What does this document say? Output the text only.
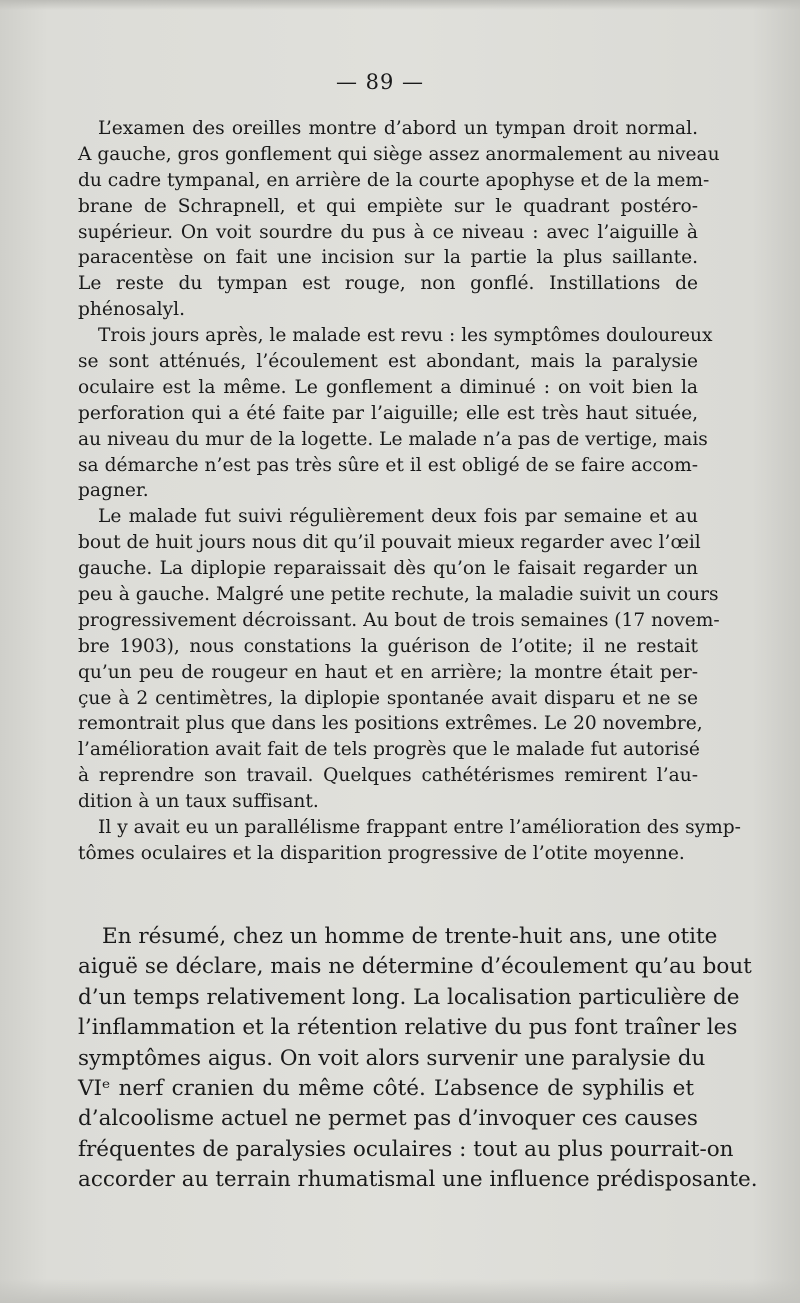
— 89 —
L’examen des oreilles montre d’abord un tympan droit normal.
A gauche, gros gonflement qui siège assez anormalement au niveau
du cadre tympanal, en arrière de la courte apophyse et de la mem-
brane de Schrapnell, et qui empiète sur le quadrant postéro-
supérieur. On voit sourdre du pus à ce niveau : avec l’aiguille à
paracentèse on fait une incision sur la partie la plus saillante.
Le reste du tympan est rouge, non gonflé. Instillations de
phénosalyl.
Trois jours après, le malade est revu : les symptômes douloureux
se sont atténués, l’écoulement est abondant, mais la paralysie
oculaire est la même. Le gonflement a diminué : on voit bien la
perforation qui a été faite par l’aiguille; elle est très haut située,
au niveau du mur de la logette. Le malade n’a pas de vertige, mais
sa démarche n’est pas très sûre et il est obligé de se faire accom-
pagner.
Le malade fut suivi régulièrement deux fois par semaine et au
bout de huit jours nous dit qu’il pouvait mieux regarder avec l’œil
gauche. La diplopie reparaissait dès qu’on le faisait regarder un
peu à gauche. Malgré une petite rechute, la maladie suivit un cours
progressivement décroissant. Au bout de trois semaines (17 novem-
bre 1903), nous constations la guérison de l’otite; il ne restait
qu’un peu de rougeur en haut et en arrière; la montre était per-
çue à 2 centimètres, la diplopie spontanée avait disparu et ne se
remontrait plus que dans les positions extrêmes. Le 20 novembre,
l’amélioration avait fait de tels progrès que le malade fut autorisé
à reprendre son travail. Quelques cathétérismes remirent l’au-
dition à un taux suffisant.
Il y avait eu un parallélisme frappant entre l’amélioration des symp-
tômes oculaires et la disparition progressive de l’otite moyenne.
En résumé, chez un homme de trente-huit ans, une otite
aiguë se déclare, mais ne détermine d’écoulement qu’au bout
d’un temps relativement long. La localisation particulière de
l’inflammation et la rétention relative du pus font traîner les
symptômes aigus. On voit alors survenir une paralysie du
VIᵉ nerf cranien du même côté. L’absence de syphilis et
d’alcoolisme actuel ne permet pas d’invoquer ces causes
fréquentes de paralysies oculaires : tout au plus pourrait-on
accorder au terrain rhumatismal une influence prédisposante.
